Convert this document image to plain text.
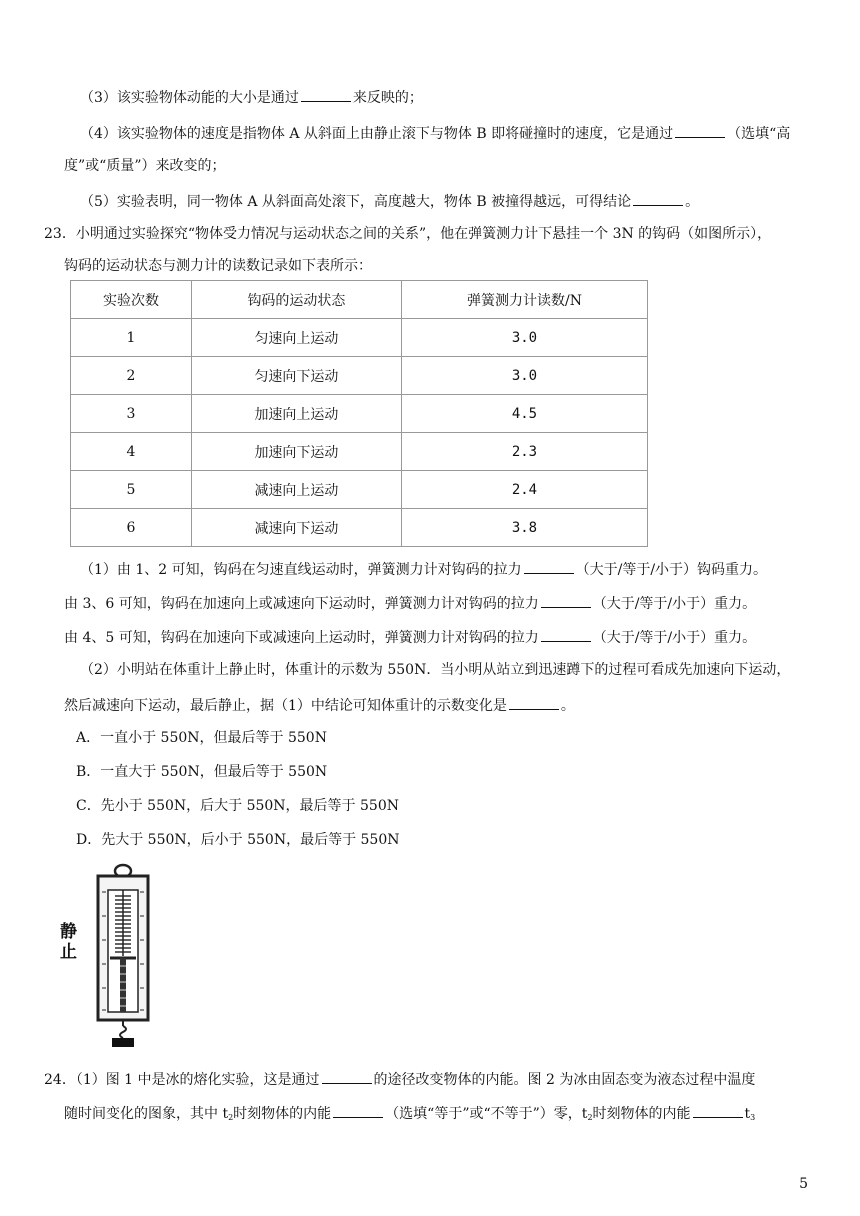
（3）该实验物体动能的大小是通过	来反映的；
（4）该实验物体的速度是指物体 A 从斜面上由静止滚下与物体 B 即将碰撞时的速度，它是通过	（选填“高
度”或“质量”）来改变的；
（5）实验表明，同一物体 A 从斜面高处滚下，高度越大，物体 B 被撞得越远，可得结论	。
23．小明通过实验探究“物体受力情况与运动状态之间的关系”，他在弹簧测力计下悬挂一个 3N 的钩码（如图所示），
钩码的运动状态与测力计的读数记录如下表所示：
实验次数	钩码的运动状态	弹簧测力计读数/N
1	匀速向上运动	3.0
2	匀速向下运动	3.0
3	加速向上运动	4.5
4	加速向下运动	2.3
5	减速向上运动	2.4
6	减速向下运动	3.8
（1）由 1、2 可知，钩码在匀速直线运动时，弹簧测力计对钩码的拉力	（大于/等于/小于）钩码重力。
由 3、6 可知，钩码在加速向上或减速向下运动时，弹簧测力计对钩码的拉力	（大于/等于/小于）重力。
由 4、5 可知，钩码在加速向下或减速向上运动时，弹簧测力计对钩码的拉力	（大于/等于/小于）重力。
（2）小明站在体重计上静止时，体重计的示数为 550N．当小明从站立到迅速蹲下的过程可看成先加速向下运动，
然后减速向下运动，最后静止，据（1）中结论可知体重计的示数变化是	。
A．一直小于 550N，但最后等于 550N
B．一直大于 550N，但最后等于 550N
C．先小于 550N，后大于 550N，最后等于 550N
D．先大于 550N，后小于 550N，最后等于 550N
静止
24．（1）图 1 中是冰的熔化实验，这是通过	的途径改变物体的内能。图 2 为冰由固态变为液态过程中温度
随时间变化的图象，其中 $t_2$时刻物体的内能	（选填“等于”或“不等于”）零，$t_2$时刻物体的内能	$t_3$
5
